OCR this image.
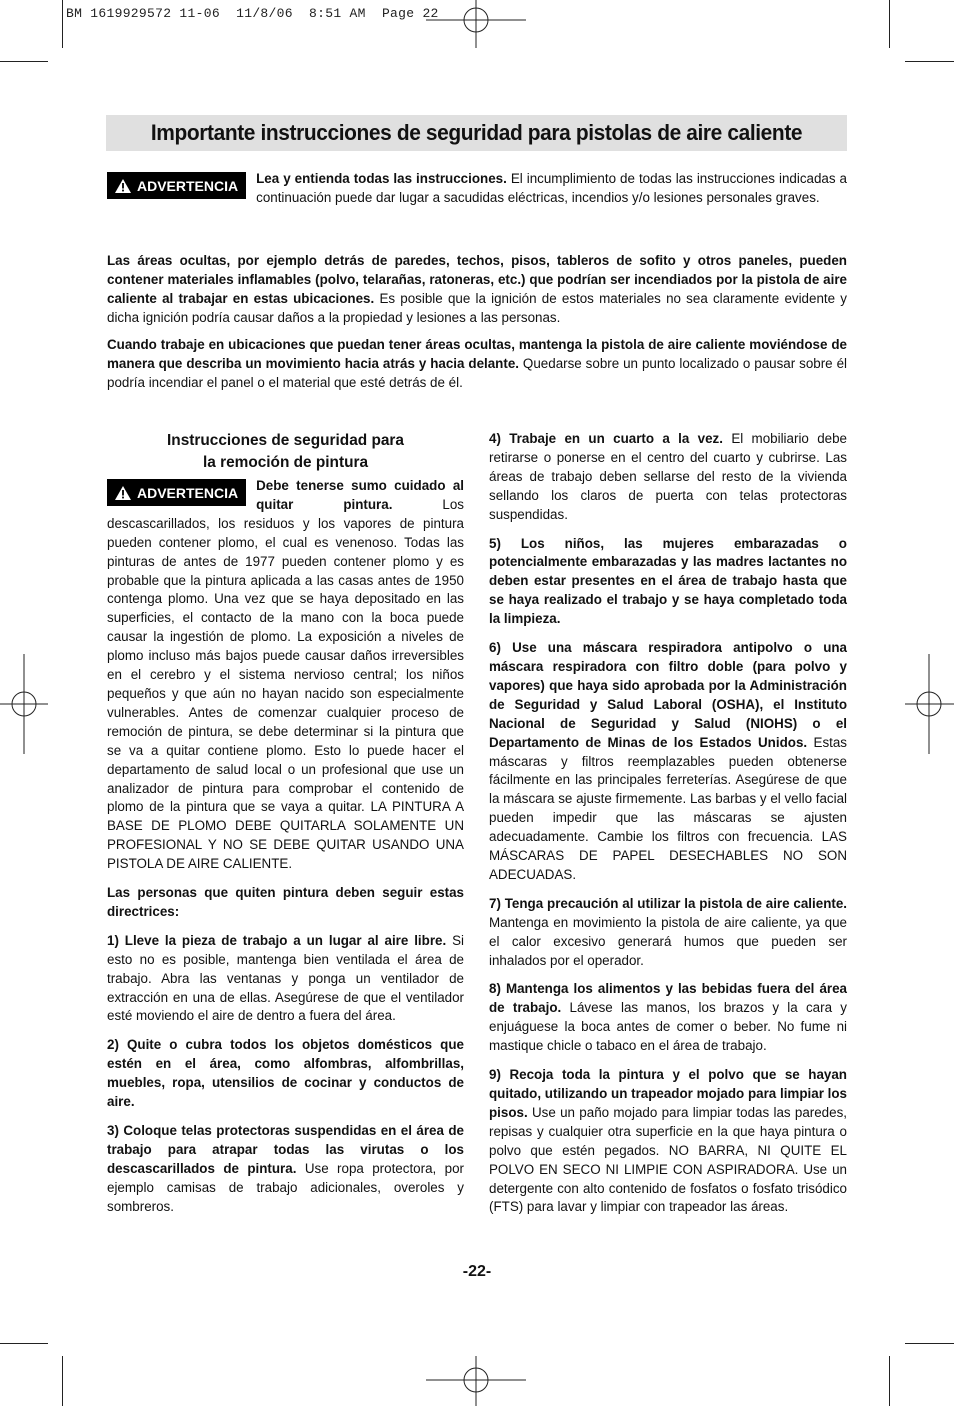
BM 1619929572 11-06  11/8/06  8:51 AM  Page 22
Importante instrucciones de seguridad para pistolas de aire caliente
ADVERTENCIA	Lea y entienda todas las instrucciones. El incumplimiento de todas las instrucciones indicadas a continuación puede dar lugar a sacudidas eléctricas, incendios y/o lesiones personales graves.

Las áreas ocultas, por ejemplo detrás de paredes, techos, pisos, tableros de sofito y otros paneles, pueden contener materiales inflamables (polvo, telarañas, ratoneras, etc.) que podrían ser incendiados por la pistola de aire caliente al trabajar en estas ubicaciones. Es posible que la ignición de estos materiales no sea claramente evidente y dicha ignición podría causar daños a la propiedad y lesiones a las personas.

Cuando trabaje en ubicaciones que puedan tener áreas ocultas, mantenga la pistola de aire caliente moviéndose de manera que describa un movimiento hacia atrás y hacia delante. Quedarse sobre un punto localizado o pausar sobre él podría incendiar el panel o el material que esté detrás de él.

Instrucciones de seguridad para
la remoción de pintura
ADVERTENCIA	Debe tenerse sumo cuidado al quitar pintura. Los descascarillados, los residuos y los vapores de pintura pueden contener plomo, el cual es venenoso. Todas las pinturas de antes de 1977 pueden contener plomo y es probable que la pintura aplicada a las casas antes de 1950 contenga plomo. Una vez que se haya depositado en las superficies, el contacto de la mano con la boca puede causar la ingestión de plomo. La exposición a niveles de plomo incluso más bajos puede causar daños irreversibles en el cerebro y el sistema nervioso central; los niños pequeños y que aún no hayan nacido son especialmente vulnerables. Antes de comenzar cualquier proceso de remoción de pintura, se debe determinar si la pintura que se va a quitar contiene plomo. Esto lo puede hacer el departamento de salud local o un profesional que use un analizador de pintura para comprobar el contenido de plomo de la pintura que se vaya a quitar. LA PINTURA A BASE DE PLOMO DEBE QUITARLA SOLAMENTE UN PROFESIONAL Y NO SE DEBE QUITAR USANDO UNA PISTOLA DE AIRE CALIENTE.

Las personas que quiten pintura deben seguir estas directrices:

1) Lleve la pieza de trabajo a un lugar al aire libre. Si esto no es posible, mantenga bien ventilada el área de trabajo. Abra las ventanas y ponga un ventilador de extracción en una de ellas. Asegúrese de que el ventilador esté moviendo el aire de dentro a fuera del área.

2) Quite o cubra todos los objetos domésticos que estén en el área, como alfombras, alfombrillas, muebles, ropa, utensilios de cocinar y conductos de aire.

3) Coloque telas protectoras suspendidas en el área de trabajo para atrapar todas las virutas o los descascarillados de pintura. Use ropa protectora, por ejemplo camisas de trabajo adicionales, overoles y sombreros.

4) Trabaje en un cuarto a la vez. El mobiliario debe retirarse o ponerse en el centro del cuarto y cubrirse. Las áreas de trabajo deben sellarse del resto de la vivienda sellando los claros de puerta con telas protectoras suspendidas.

5) Los niños, las mujeres embarazadas o potencialmente embarazadas y las madres lactantes no deben estar presentes en el área de trabajo hasta que se haya realizado el trabajo y se haya completado toda la limpieza.

6) Use una máscara respiradora antipolvo o una máscara respiradora con filtro doble (para polvo y vapores) que haya sido aprobada por la Administración de Seguridad y Salud Laboral (OSHA), el Instituto Nacional de Seguridad y Salud (NIOHS) o el Departamento de Minas de los Estados Unidos. Estas máscaras y filtros reemplazables pueden obtenerse fácilmente en las principales ferreterías. Asegúrese de que la máscara se ajuste firmemente. Las barbas y el vello facial pueden impedir que las máscaras se ajusten adecuadamente. Cambie los filtros con frecuencia. LAS MÁSCARAS DE PAPEL DESECHABLES NO SON ADECUADAS.

7) Tenga precaución al utilizar la pistola de aire caliente. Mantenga en movimiento la pistola de aire caliente, ya que el calor excesivo generará humos que pueden ser inhalados por el operador.

8) Mantenga los alimentos y las bebidas fuera del área de trabajo. Lávese las manos, los brazos y la cara y enjuáguese la boca antes de comer o beber. No fume ni mastique chicle o tabaco en el área de trabajo.

9) Recoja toda la pintura y el polvo que se hayan quitado, utilizando un trapeador mojado para limpiar los pisos. Use un paño mojado para limpiar todas las paredes, repisas y cualquier otra superficie en la que haya pintura o polvo que estén pegados. NO BARRA, NI QUITE EL POLVO EN SECO NI LIMPIE CON ASPIRADORA. Use un detergente con alto contenido de fosfatos o fosfato trisódico (FTS) para lavar y limpiar con trapeador las áreas.

-22-
